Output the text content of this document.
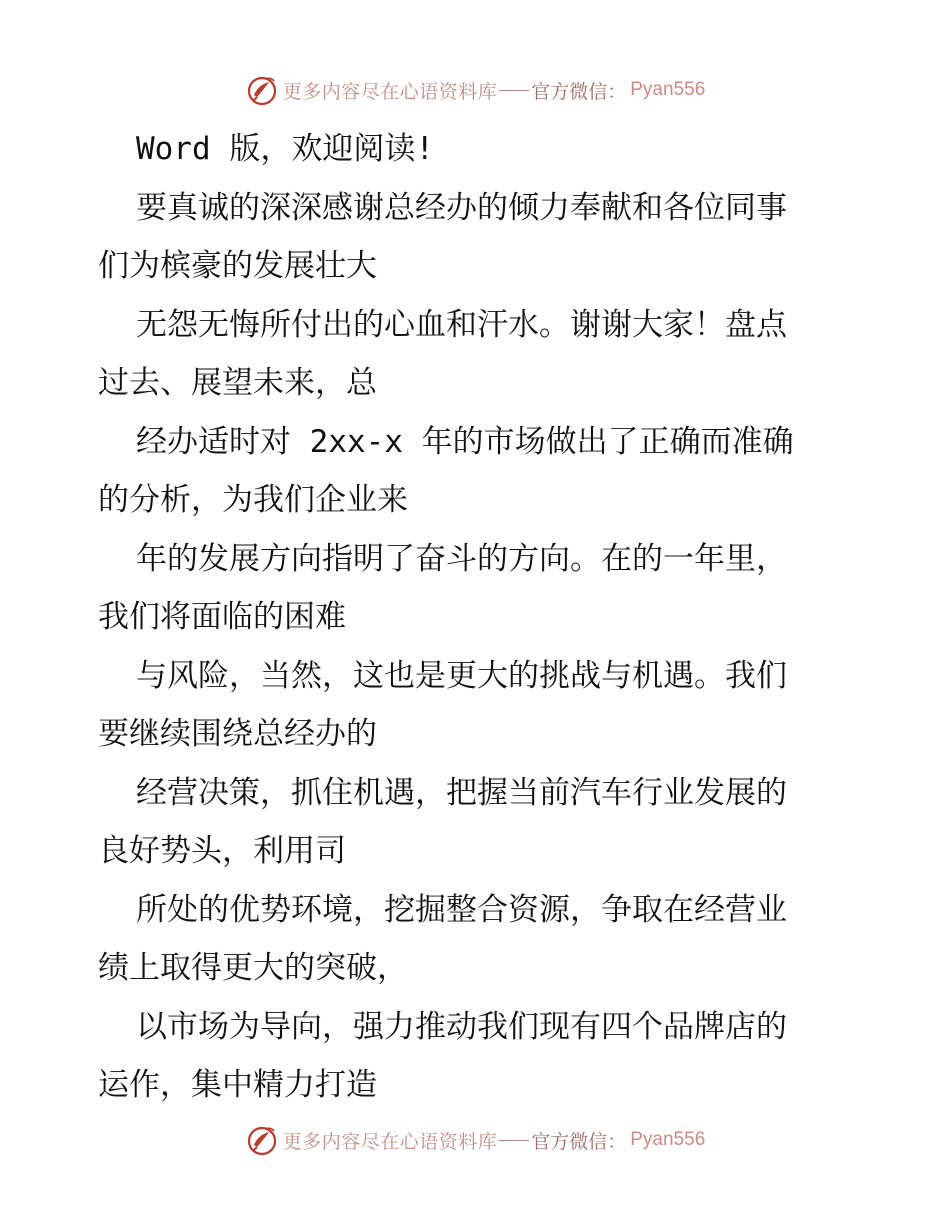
更多内容尽在心语资料库 官方微信： Pyan556
Word 版，欢迎阅读!
要真诚的深深感谢总经办的倾力奉献和各位同事
们为槟豪的发展壮大
无怨无悔所付出的心血和汗水。谢谢大家！盘点
过去、展望未来，总
经办适时对 2xx-x 年的市场做出了正确而准确
的分析，为我们企业来
年的发展方向指明了奋斗的方向。在的一年里，
我们将面临的困难
与风险，当然，这也是更大的挑战与机遇。我们
要继续围绕总经办的
经营决策，抓住机遇，把握当前汽车行业发展的
良好势头，利用司
所处的优势环境，挖掘整合资源，争取在经营业
绩上取得更大的突破，
以市场为导向，强力推动我们现有四个品牌店的
运作，集中精力打造
更多内容尽在心语资料库 官方微信： Pyan556
